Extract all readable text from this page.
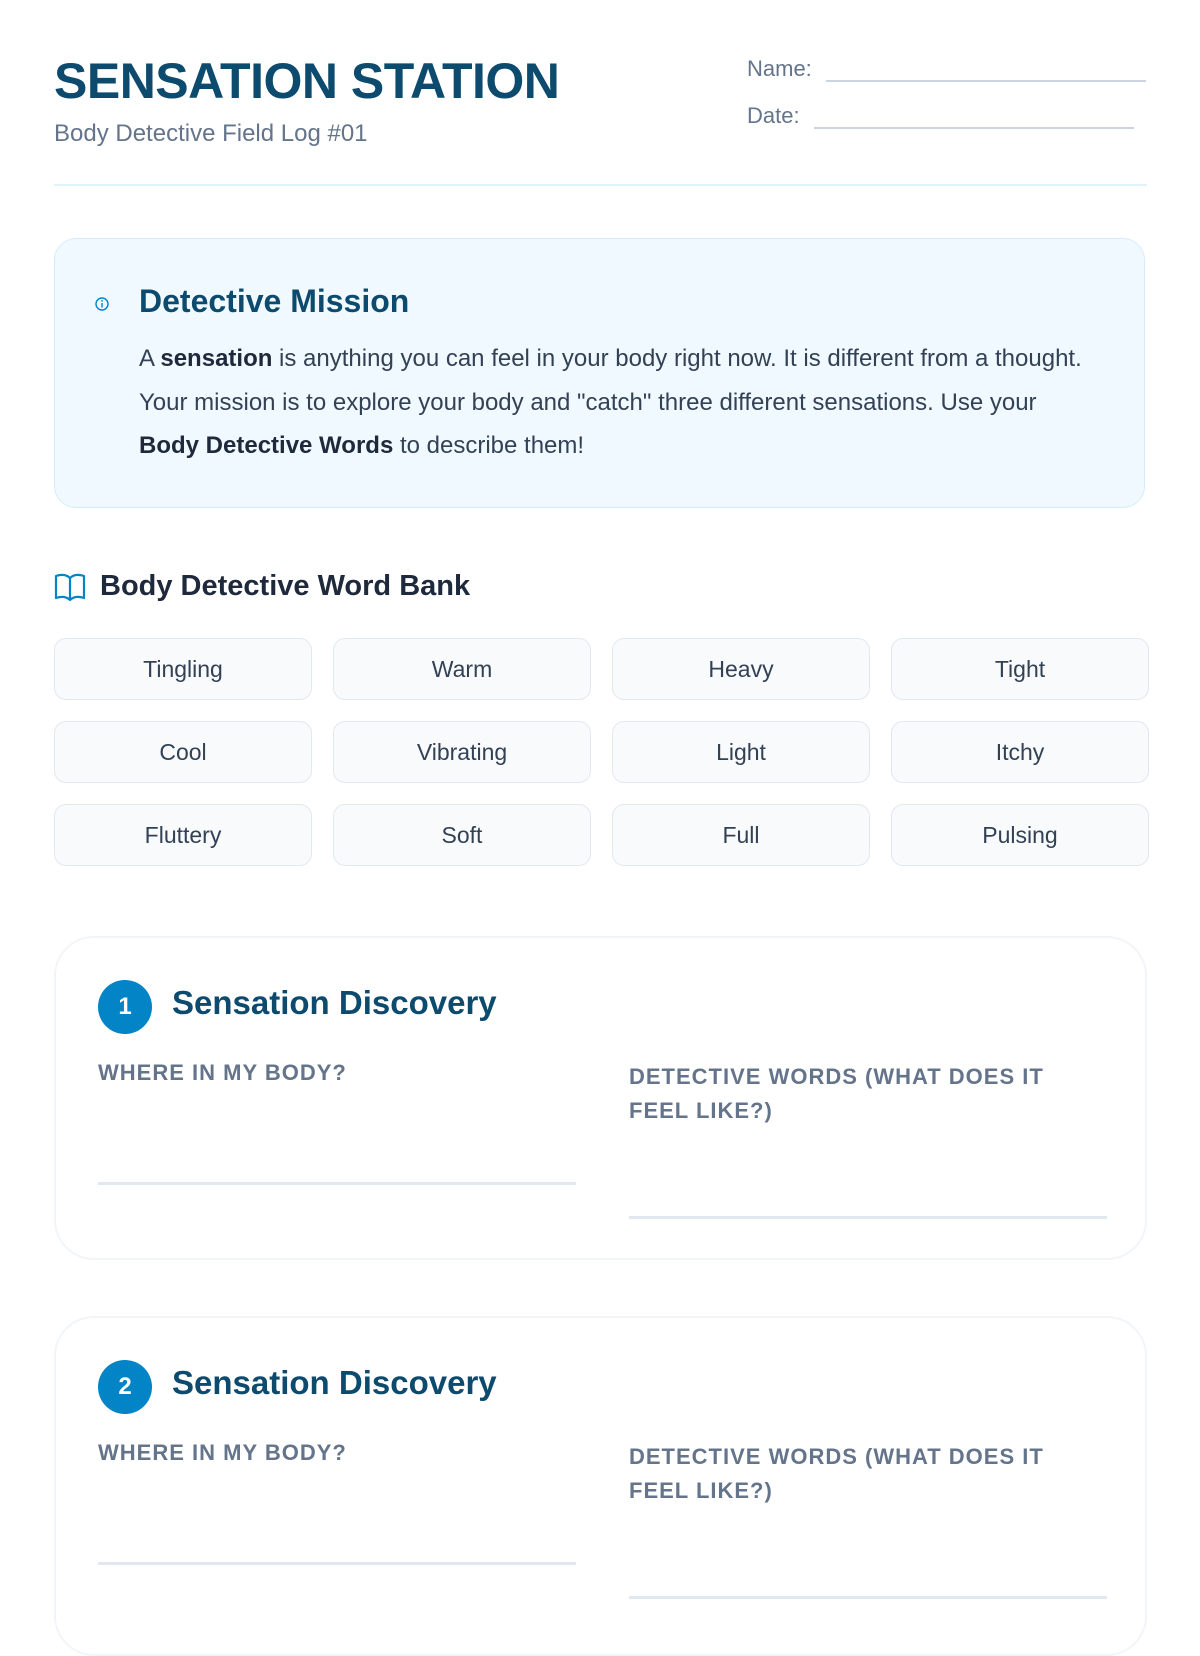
SENSATION STATION
Body Detective Field Log #01
Name:
Date:
Detective Mission

A sensation is anything you can feel in your body right now. It is different from a thought. Your mission is to explore your body and "catch" three different sensations. Use your Body Detective Words to describe them!

Body Detective Word Bank
Tingling	Warm	Heavy	Tight
Cool	Vibrating	Light	Itchy
Fluttery	Soft	Full	Pulsing
1	Sensation Discovery
WHERE IN MY BODY?	DETECTIVE WORDS (WHAT DOES IT FEEL LIKE?)
2	Sensation Discovery
WHERE IN MY BODY?	DETECTIVE WORDS (WHAT DOES IT FEEL LIKE?)
